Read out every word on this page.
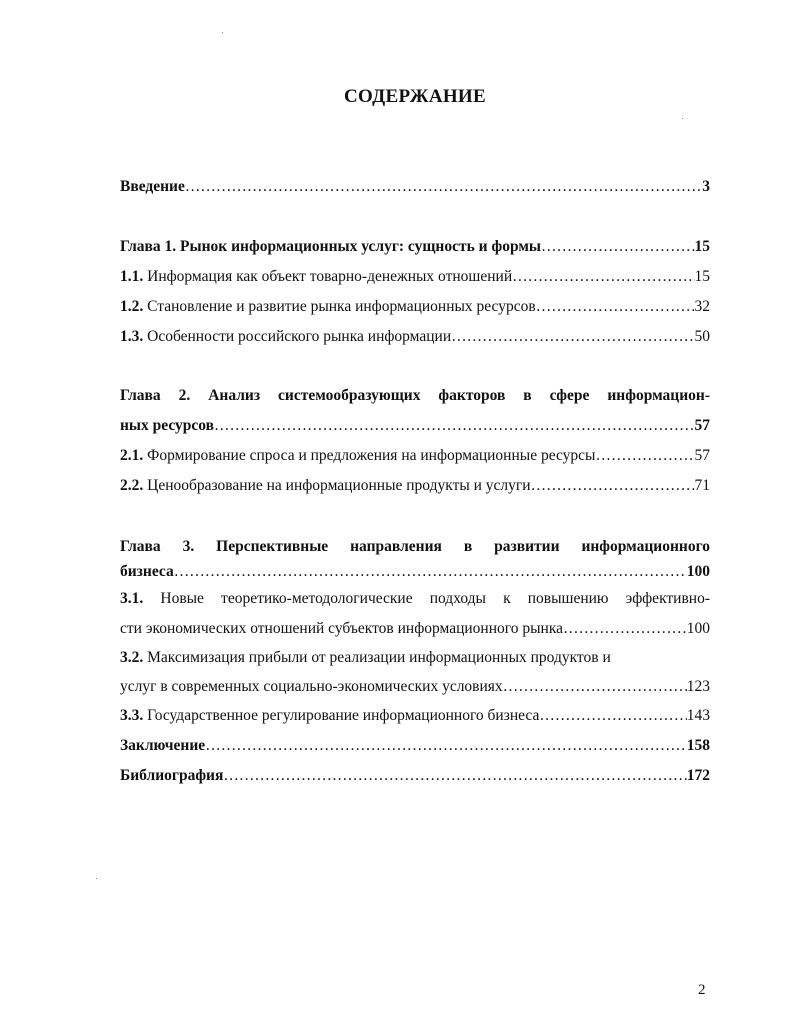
СОДЕРЖАНИЕ
Введение ……………………………………………………………………………………………………………………………………………………………	3
Глава 1. Рынок информационных услуг: сущность и формы ……………………………………………………………………………………………………………………………………………………………	15
1.1. Информация как объект товарно-денежных отношений ……………………………………………………………………………………………………………………………………………………………	15
1.2. Становление и развитие рынка информационных ресурсов ……………………………………………………………………………………………………………………………………………………………	32
1.3. Особенности российского рынка информации ……………………………………………………………………………………………………………………………………………………………	50
Глава 2. Анализ системообразующих факторов в сфере информацион-
ных ресурсов ……………………………………………………………………………………………………………………………………………………………	57
2.1. Формирование спроса и предложения на информационные ресурсы ……………………………………………………………………………………………………………………………………………………………	57
2.2. Ценообразование на информационные продукты и услуги ……………………………………………………………………………………………………………………………………………………………	71
Глава 3. Перспективные направления в развитии информационного
бизнеса ……………………………………………………………………………………………………………………………………………………………	100
3.1. Новые теоретико-методологические подходы к повышению эффективно-
сти экономических отношений субъектов информационного рынка ……………………………………………………………………………………………………………………………………………………………	100
3.2. Максимизация прибыли от реализации информационных продуктов и
услуг в современных социально-экономических условиях ……………………………………………………………………………………………………………………………………………………………	123
3.3. Государственное регулирование информационного бизнеса ……………………………………………………………………………………………………………………………………………………………	143
Заключение ……………………………………………………………………………………………………………………………………………………………	158
Библиография ……………………………………………………………………………………………………………………………………………………………	172
2
